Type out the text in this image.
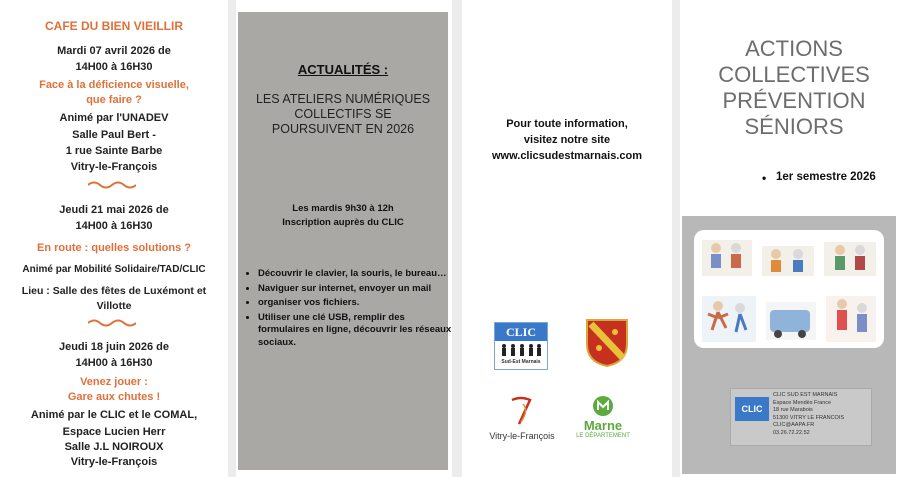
CAFE DU BIEN VIEILLIR
Mardi 07 avril 2026 de
14H00 à 16H30
Face à la déficience visuelle,
que faire ?
Animé par l'UNADEV
Salle Paul Bert -
1 rue Sainte Barbe
Vitry-le-François
Jeudi 21 mai 2026 de
14H00 à 16H30
En route : quelles solutions ?
Animé par Mobilité Solidaire/TAD/CLIC
Lieu : Salle des fêtes de Luxémont et
Villotte
Jeudi 18 juin 2026 de
14H00 à 16H30
Venez jouer :
Gare aux chutes !
Animé par le CLIC et le COMAL,
Espace Lucien Herr
Salle J.L NOIROUX
Vitry-le-François
ACTUALITÉS :
LES ATELIERS NUMÉRIQUES
COLLECTIFS SE
POURSUIVENT EN 2026
Les mardis 9h30 à 12h
Inscription auprès du CLIC
• Découvrir le clavier, la souris, le bureau…
• Naviguer sur internet, envoyer un mail
• organiser vos fichiers.
• Utiliser une clé USB, remplir des formulaires en ligne, découvrir les réseaux sociaux.
Pour toute information,
visitez notre site
www.clicsudestmarnais.com
CLIC
Sud-Est Marnais
Vitry-le-François
Marne
LE DÉPARTEMENT
ACTIONS
COLLECTIVES
PRÉVENTION
SÉNIORS
• 1er semestre 2026
CLIC
CLIC SUD EST MARNAIS
Espace Mendès France
18 rue Marabois
51300 VITRY LE FRANCOIS
CLIC@AAPA.FR
03.26.72.22.52
